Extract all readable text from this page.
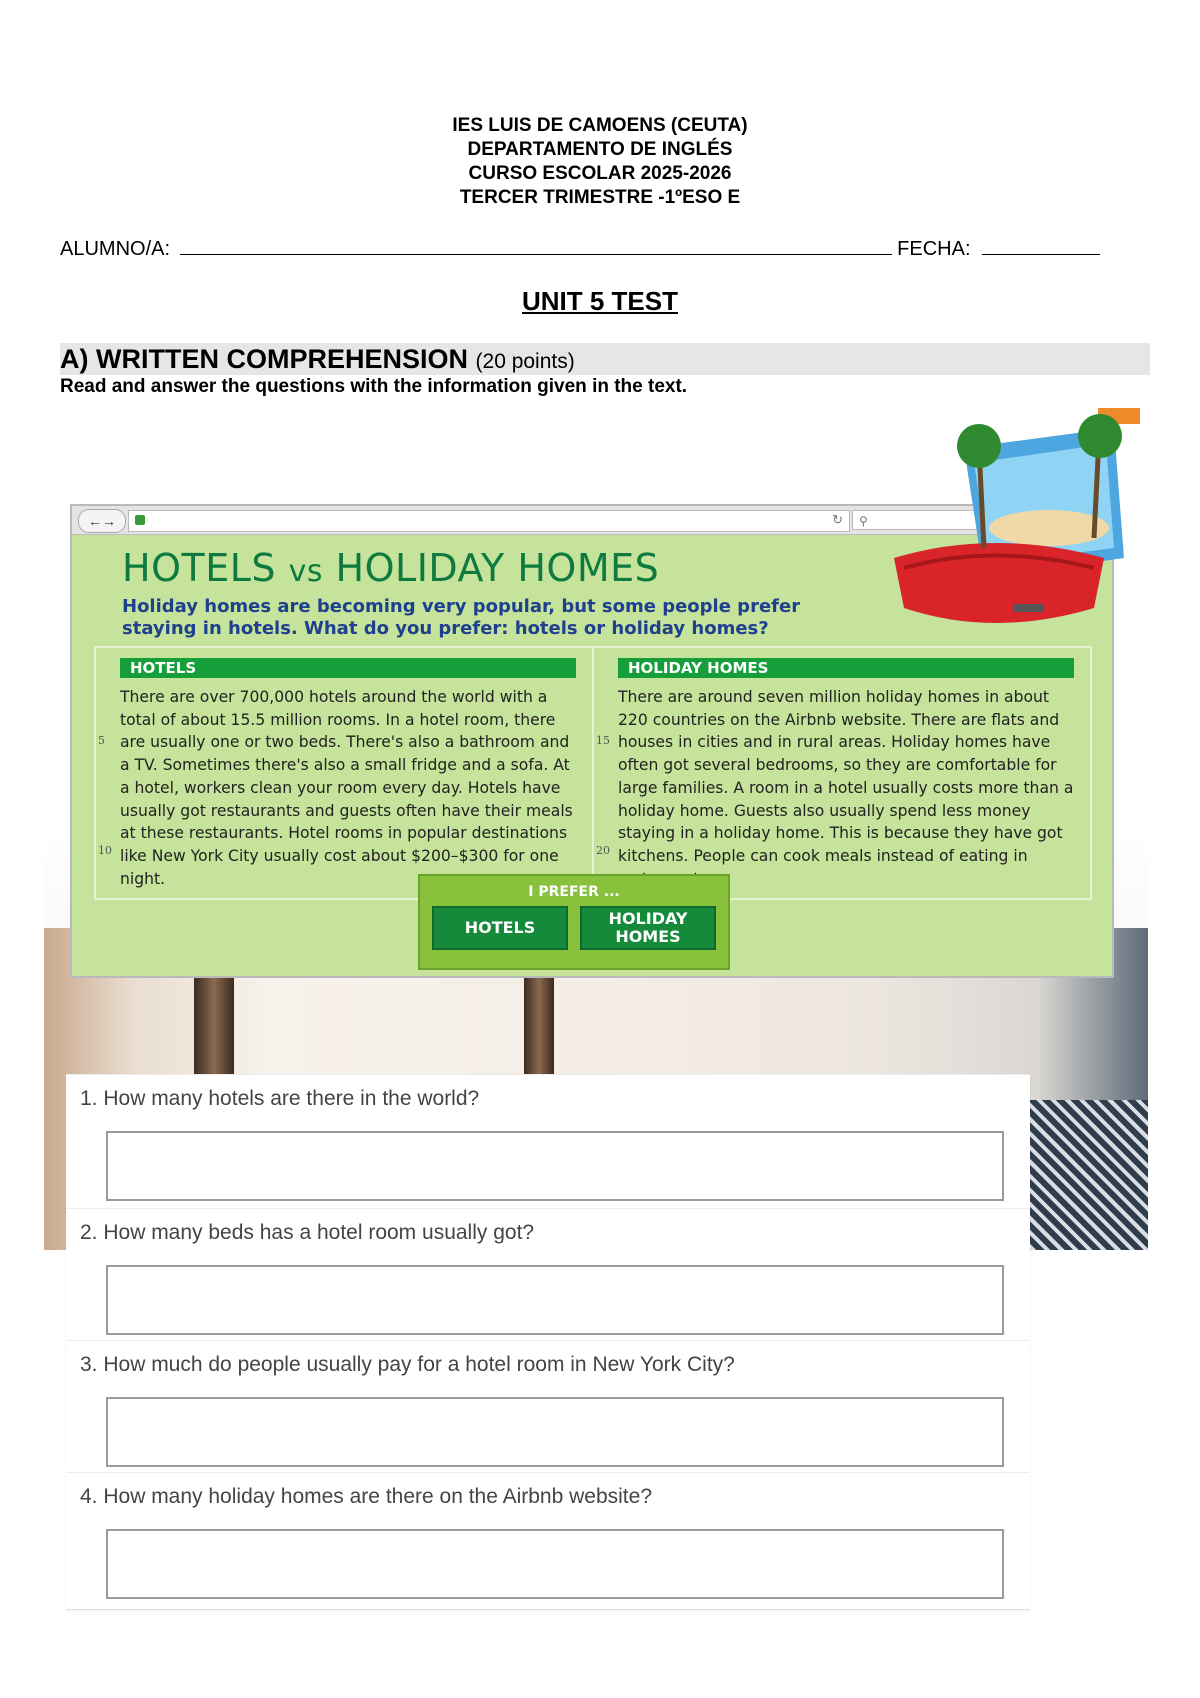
IES LUIS DE CAMOENS (CEUTA)
DEPARTAMENTO DE INGLÉS
CURSO ESCOLAR 2025-2026
TERCER TRIMESTRE -1ºESO E
ALUMNO/A:	FECHA:
UNIT 5 TEST
A) WRITTEN COMPREHENSION (20 points)
Read and answer the questions with the information given in the text.
←→	↻	⚲
HOTELS vs HOLIDAY HOMES
Holiday homes are becoming very popular, but some people prefer staying in hotels. What do you prefer: hotels or holiday homes?
HOTELS
There are over 700,000 hotels around the world with a total of about 15.5 million rooms. In a hotel room, there are usually one or two beds. There's also a bathroom and a TV. Sometimes there's also a small fridge and a sofa. At a hotel, workers clean your room every day. Hotels have usually got restaurants and guests often have their meals at these restaurants. Hotel rooms in popular destinations like New York City usually cost about $200–$300 for one night.
5
10
HOLIDAY HOMES
There are around seven million holiday homes in about 220 countries on the Airbnb website. There are flats and houses in cities and in rural areas. Holiday homes have often got several bedrooms, so they are comfortable for large families. A room in a hotel usually costs more than a holiday home. Guests also usually spend less money staying in a holiday home. This is because they have got kitchens. People can cook meals instead of eating in
15
20
I PREFER ...
HOTELS	HOLIDAY HOMES
1. How many hotels are there in the world?
2. How many beds has a hotel room usually got?
3. How much do people usually pay for a hotel room in New York City?
4. How many holiday homes are there on the Airbnb website?
